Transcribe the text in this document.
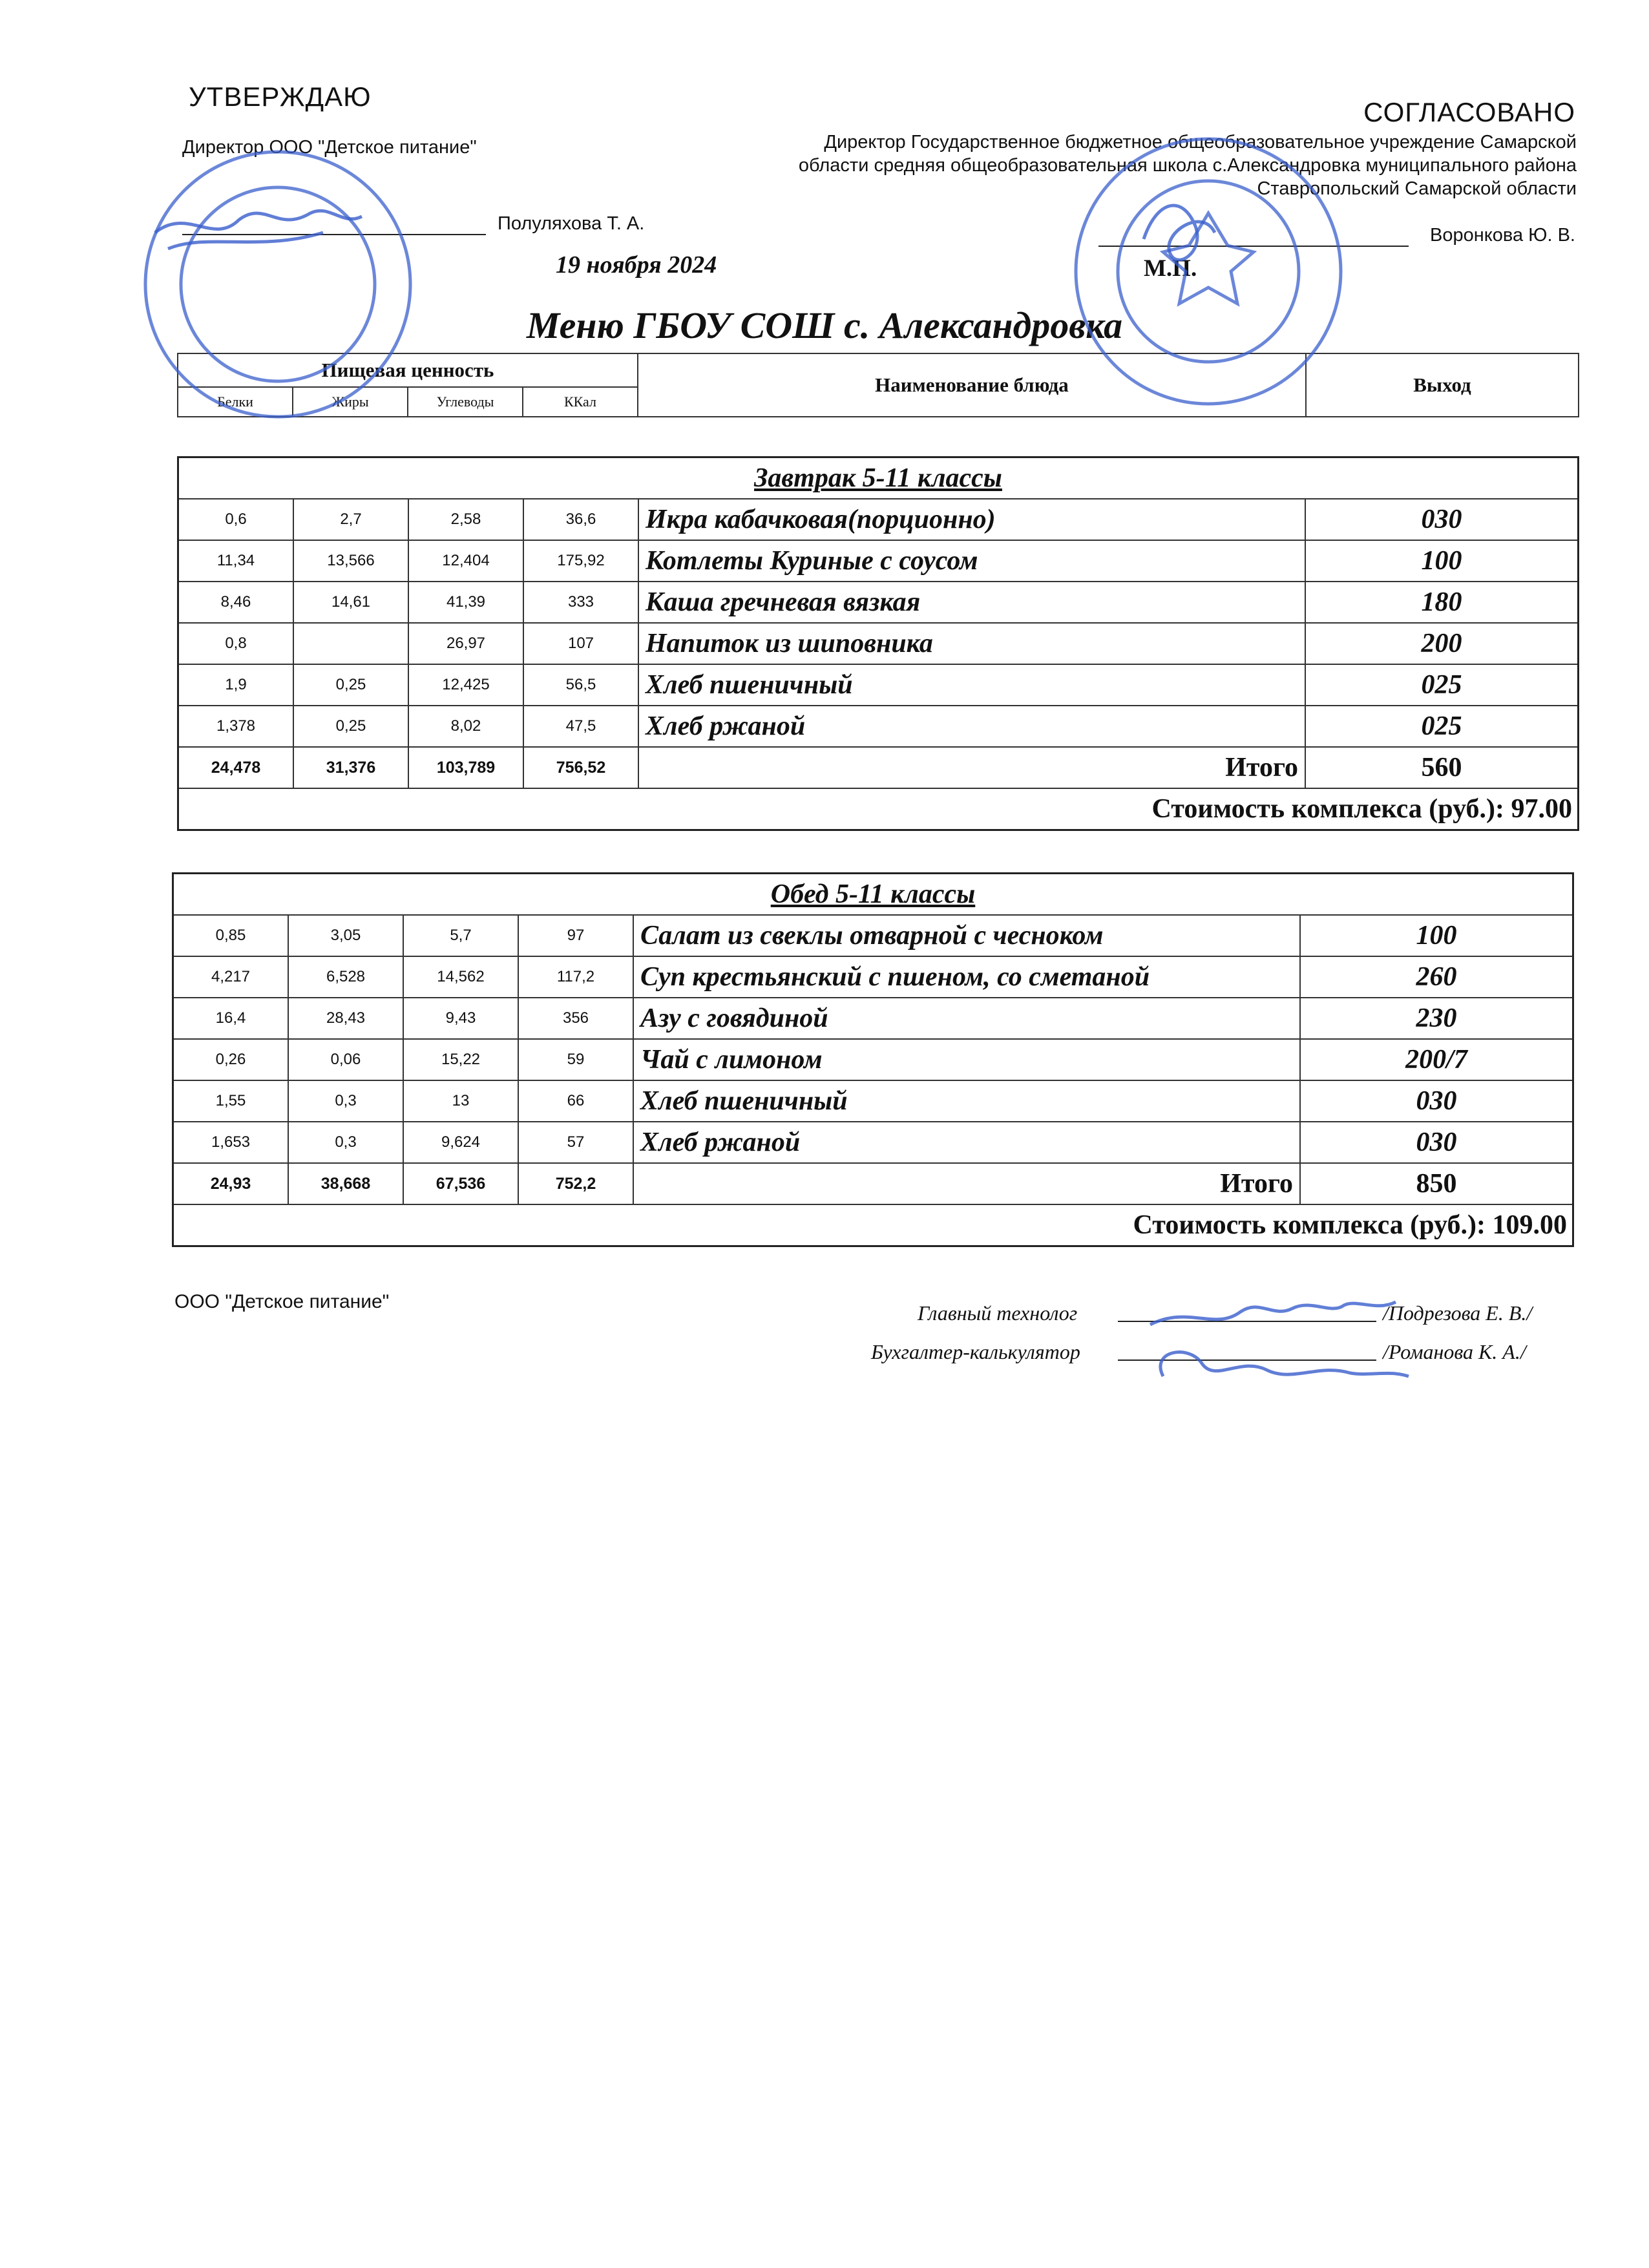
УТВЕРЖДАЮ
Директор ООО "Детское питание"
Полуляхова Т. А.
19 ноября 2024
СОГЛАСОВАНО
Директор Государственное бюджетное общеобразовательное учреждение Самарской области средняя общеобразовательная школа с.Александровка муниципального района Ставропольский Самарской области
Воронкова Ю. В.
М.П.
Меню ГБОУ СОШ с. Александровка
Пищевая ценность				Наименование блюда	Выход
Белки	Жиры	Углеводы	ККал		
Завтрак 5-11 классы					
0,6	2,7	2,58	36,6	Икра кабачковая(порционно)	030
11,34	13,566	12,404	175,92	Котлеты Куриные с соусом	100
8,46	14,61	41,39	333	Каша гречневая вязкая	180
0,8		26,97	107	Напиток из шиповника	200
1,9	0,25	12,425	56,5	Хлеб пшеничный	025
1,378	0,25	8,02	47,5	Хлеб ржаной	025
24,478	31,376	103,789	756,52	Итого	560
Стоимость комплекса (руб.): 97.00					
Обед 5-11 классы					
0,85	3,05	5,7	97	Салат из свеклы отварной с чесноком	100
4,217	6,528	14,562	117,2	Суп крестьянский с пшеном, со сметаной	260
16,4	28,43	9,43	356	Азу с говядиной	230
0,26	0,06	15,22	59	Чай с лимоном	200/7
1,55	0,3	13	66	Хлеб пшеничный	030
1,653	0,3	9,624	57	Хлеб ржаной	030
24,93	38,668	67,536	752,2	Итого	850
Стоимость комплекса (руб.): 109.00					
ООО "Детское питание"	Главный технолог	/Подрезова Е. В./
Бухгалтер-калькулятор	/Романова К. А./
